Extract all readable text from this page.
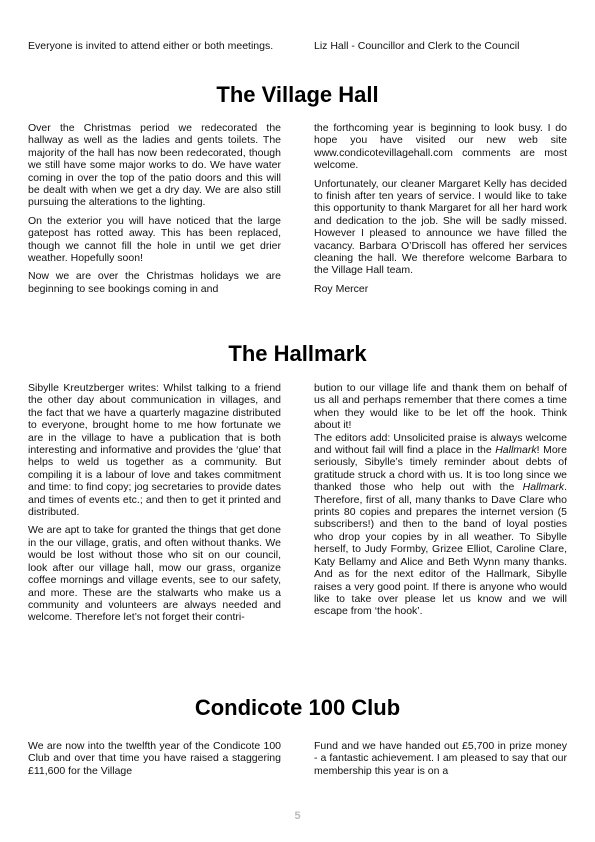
Everyone is invited to attend either or both meetings.	Liz Hall - Councillor and Clerk to the Council

The Village Hall

Over the Christmas period we redecorated the hallway as well as the ladies and gents toilets. The majority of the hall has now been redecorated, though we still have some major works to do. We have water coming in over the top of the patio doors and this will be dealt with when we get a dry day. We are also still pursuing the alterations to the lighting.

On the exterior you will have noticed that the large gatepost has rotted away. This has been replaced, though we cannot fill the hole in until we get drier weather. Hopefully soon!

Now we are over the Christmas holidays we are beginning to see bookings coming in and

the forthcoming year is beginning to look busy. I do hope you have visited our new web site www.condicotevillagehall.com comments are most welcome.

Unfortunately, our cleaner Margaret Kelly has decided to finish after ten years of service. I would like to take this opportunity to thank Margaret for all her hard work and dedication to the job. She will be sadly missed. However I pleased to announce we have filled the vacancy. Barbara O’Driscoll has offered her services cleaning the hall. We therefore welcome Barbara to the Village Hall team.

Roy Mercer

The Hallmark

Sibylle Kreutzberger writes: Whilst talking to a friend the other day about communication in villages, and the fact that we have a quarterly magazine distributed to everyone, brought home to me how fortunate we are in the village to have a publication that is both interesting and informative and provides the ‘glue’ that helps to weld us together as a community. But compiling it is a labour of love and takes commitment and time: to find copy; jog secretaries to provide dates and times of events etc.; and then to get it printed and distributed.

We are apt to take for granted the things that get done in the our village, gratis, and often without thanks. We would be lost without those who sit on our council, look after our village hall, mow our grass, organize coffee mornings and village events, see to our safety, and more. These are the stalwarts who make us a community and volunteers are always needed and welcome. Therefore let’s not forget their contri-

bution to our village life and thank them on behalf of us all and perhaps remember that there comes a time when they would like to be let off the hook. Think about it!

The editors add: Unsolicited praise is always welcome and without fail will find a place in the Hallmark! More seriously, Sibylle’s timely reminder about debts of gratitude struck a chord with us. It is too long since we thanked those who help out with the Hallmark. Therefore, first of all, many thanks to Dave Clare who prints 80 copies and prepares the internet version (5 subscribers!) and then to the band of loyal posties who drop your copies by in all weather. To Sibylle herself, to Judy Formby, Grizee Elliot, Caroline Clare, Katy Bellamy and Alice and Beth Wynn many thanks. And as for the next editor of the Hallmark, Sibylle raises a very good point. If there is anyone who would like to take over please let us know and we will escape from ‘the hook’.

Condicote 100 Club

We are now into the twelfth year of the Condicote 100 Club and over that time you have raised a staggering £11,600 for the Village

Fund and we have handed out £5,700 in prize money - a fantastic achievement. I am pleased to say that our membership this year is on a

5
